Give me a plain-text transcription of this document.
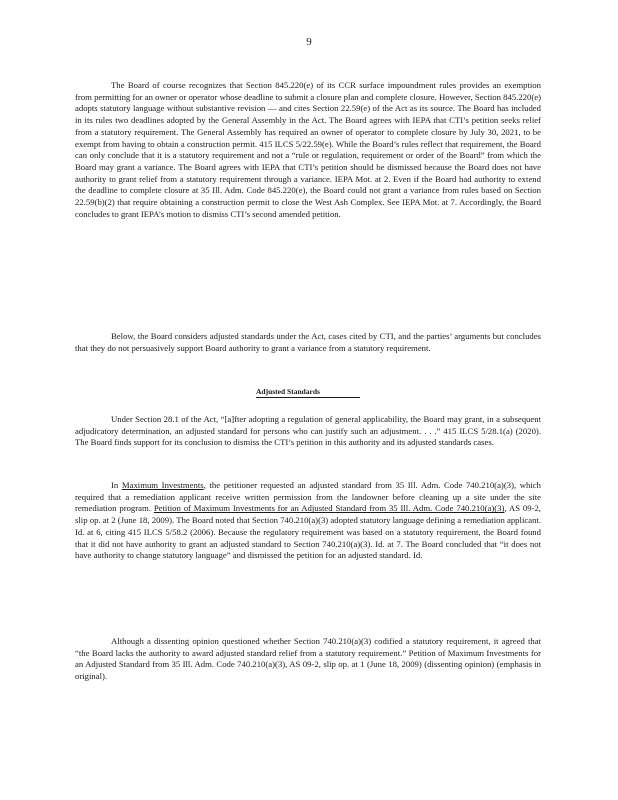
9

The Board of course recognizes that Section 845.220(e) of its CCR surface impoundment rules provides an exemption from permitting for an owner or operator whose deadline to submit a closure plan and complete closure. However, Section 845.220(e) adopts statutory language without substantive revision — and cites Section 22.59(e) of the Act as its source. The Board has included in its rules two deadlines adopted by the General Assembly in the Act. The Board agrees with IEPA that CTI’s petition seeks relief from a statutory requirement. The General Assembly has required an owner of operator to complete closure by July 30, 2021, to be exempt from having to obtain a construction permit. 415 ILCS 5/22.59(e). While the Board’s rules reflect that requirement, the Board can only conclude that it is a statutory requirement and not a “rule or regulation, requirement or order of the Board” from which the Board may grant a variance. The Board agrees with IEPA that CTI’s petition should be dismissed because the Board does not have authority to grant relief from a statutory requirement through a variance. IEPA Mot. at 2. Even if the Board had authority to extend the deadline to complete closure at 35 Ill. Adm. Code 845.220(e), the Board could not grant a variance from rules based on Section 22.59(b)(2) that require obtaining a construction permit to close the West Ash Complex. See IEPA Mot. at 7. Accordingly, the Board concludes to grant IEPA’s motion to dismiss CTI’s second amended petition.

Below, the Board considers adjusted standards under the Act, cases cited by CTI, and the parties’ arguments but concludes that they do not persuasively support Board authority to grant a variance from a statutory requirement.

Adjusted Standards

Under Section 28.1 of the Act, “[a]fter adopting a regulation of general applicability, the Board may grant, in a subsequent adjudicatory determination, an adjusted standard for persons who can justify such an adjustment. . . .” 415 ILCS 5/28.1(a) (2020). The Board finds support for its conclusion to dismiss the CTI’s petition in this authority and its adjusted standards cases.

In Maximum Investments, the petitioner requested an adjusted standard from 35 Ill. Adm. Code 740.210(a)(3), which required that a remediation applicant receive written permission from the landowner before cleaning up a site under the site remediation program. Petition of Maximum Investments for an Adjusted Standard from 35 Ill. Adm. Code 740.210(a)(3), AS 09-2, slip op. at 2 (June 18, 2009). The Board noted that Section 740.210(a)(3) adopted statutory language defining a remediation applicant. Id. at 6, citing 415 ILCS 5/58.2 (2006). Because the regulatory requirement was based on a statutory requirement, the Board found that it did not have authority to grant an adjusted standard to Section 740.210(a)(3). Id. at 7. The Board concluded that “it does not have authority to change statutory language” and dismissed the petition for an adjusted standard. Id.

Although a dissenting opinion questioned whether Section 740.210(a)(3) codified a statutory requirement, it agreed that “the Board lacks the authority to award adjusted standard relief from a statutory requirement.” Petition of Maximum Investments for an Adjusted Standard from 35 Ill. Adm. Code 740.210(a)(3), AS 09-2, slip op. at 1 (June 18, 2009) (dissenting opinion) (emphasis in original).
